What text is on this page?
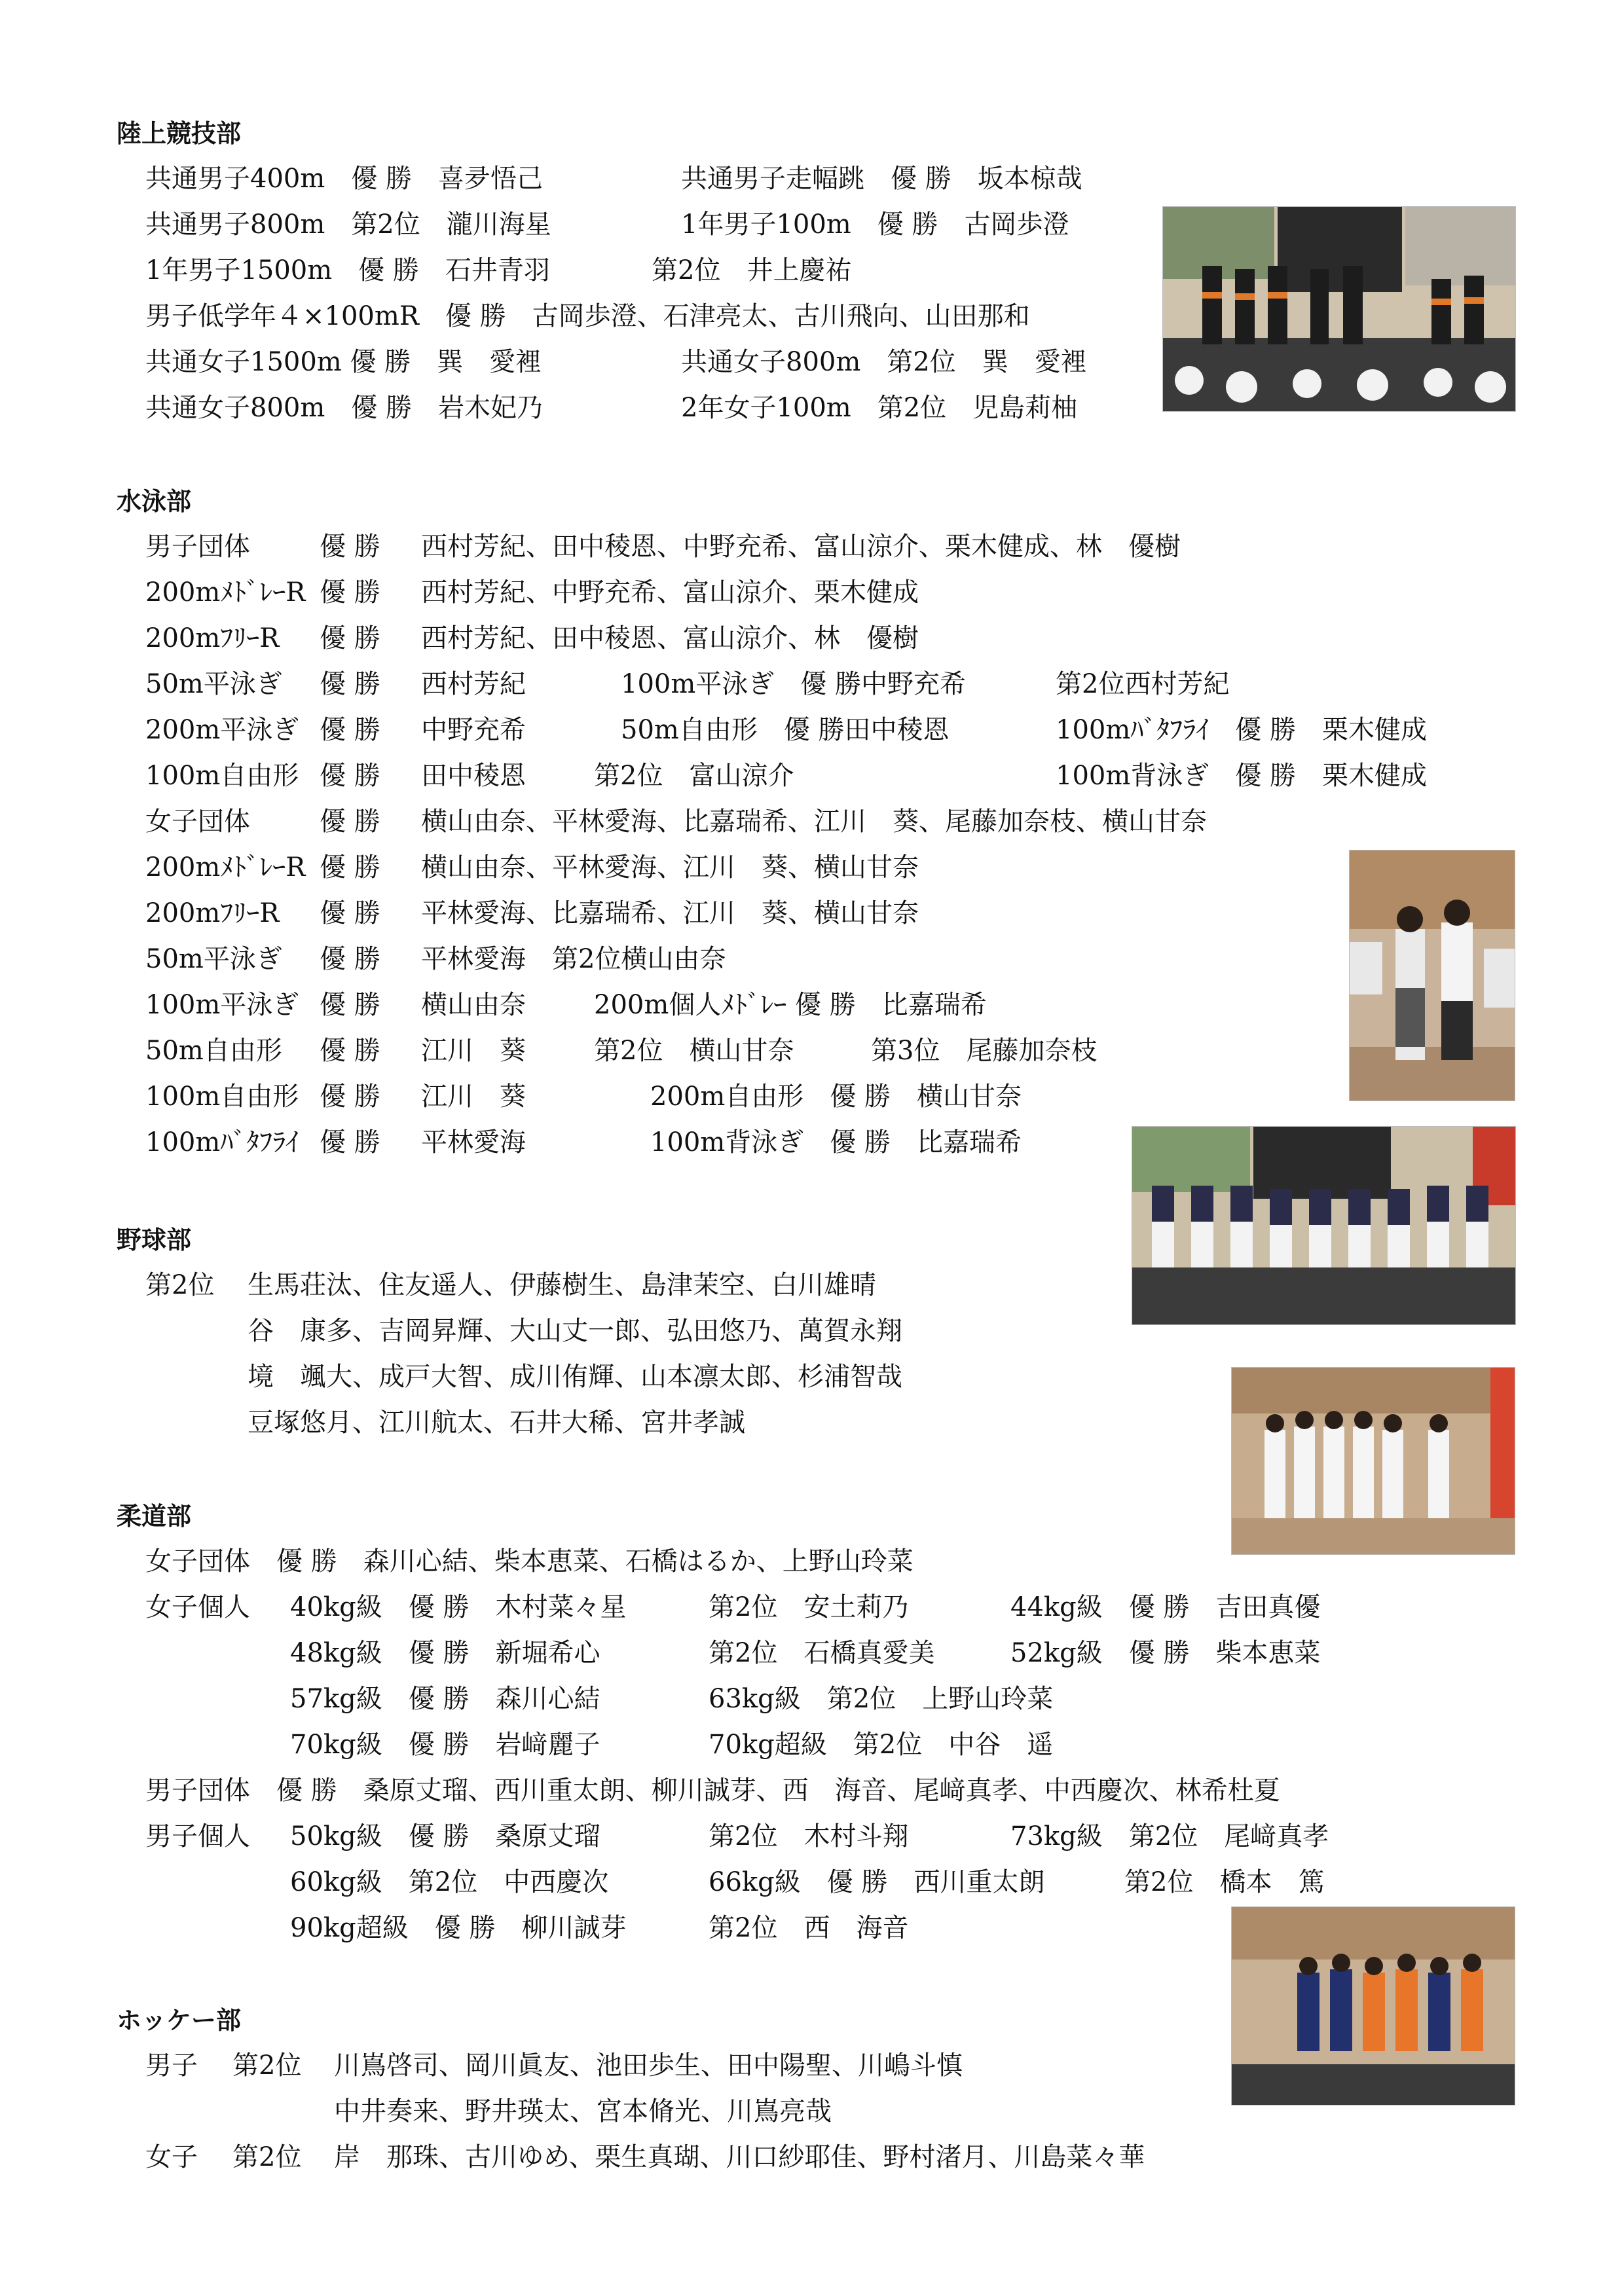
陸上競技部
共通男子400m　優 勝　喜夛悟己	共通男子走幅跳　優 勝　坂本椋哉
共通男子800m　第2位　瀧川海星	1年男子100m　優 勝　古岡歩澄
1年男子1500m　優 勝　石井青羽	第2位　井上慶祐
男子低学年４×100mR　優 勝　古岡歩澄、石津亮太、古川飛向、山田那和
共通女子1500m 優 勝　巽　愛裡	共通女子800m　第2位　巽　愛裡
共通女子800m　優 勝　岩木妃乃	2年女子100m　第2位　児島莉柚
水泳部
男子団体	優 勝 西村芳紀、田中稜恩、中野充希、富山涼介、栗木健成、林　優樹
200mﾒﾄﾞﾚｰR 優 勝 西村芳紀、中野充希、富山涼介、栗木健成
200mﾌﾘｰR 優 勝 西村芳紀、田中稜恩、富山涼介、林　優樹
50m平泳ぎ 優 勝 西村芳紀	100m平泳ぎ　優 勝中野充希	第2位西村芳紀
200m平泳ぎ 優 勝 中野充希	50m自由形　優 勝田中稜恩	100mﾊﾞﾀﾌﾗｲ　優 勝　栗木健成
100m自由形 優 勝 田中稜恩	第2位　富山涼介	100m背泳ぎ　優 勝　栗木健成
女子団体	優 勝 横山由奈、平林愛海、比嘉瑞希、江川　葵、尾藤加奈枝、横山甘奈
200mﾒﾄﾞﾚｰR 優 勝 横山由奈、平林愛海、江川　葵、横山甘奈
200mﾌﾘｰR 優 勝 平林愛海、比嘉瑞希、江川　葵、横山甘奈
50m平泳ぎ 優 勝 平林愛海　第2位横山由奈
100m平泳ぎ 優 勝 横山由奈	200m個人ﾒﾄﾞﾚｰ 優 勝　比嘉瑞希
50m自由形 優 勝 江川　葵	第2位　横山甘奈	第3位　尾藤加奈枝
100m自由形 優 勝 江川　葵	200m自由形　優 勝　横山甘奈
100mﾊﾞﾀﾌﾗｲ 優 勝 平林愛海	100m背泳ぎ　優 勝　比嘉瑞希
野球部
第2位 生馬荘汰、住友遥人、伊藤樹生、島津茉空、白川雄晴
谷　康多、吉岡昇輝、大山丈一郎、弘田悠乃、萬賀永翔
境　颯大、成戸大智、成川侑輝、山本凛太郎、杉浦智哉
豆塚悠月、江川航太、石井大稀、宮井孝誠
柔道部
女子団体　優 勝　森川心結、柴本恵菜、石橋はるか、上野山玲菜
女子個人 40kg級　優 勝　木村菜々星	第2位　安土莉乃	44kg級　優 勝　吉田真優
48kg級　優 勝　新堀希心	第2位　石橋真愛美	52kg級　優 勝　柴本恵菜
57kg級　優 勝　森川心結	63kg級　第2位　上野山玲菜
70kg級　優 勝　岩﨑麗子	70kg超級　第2位　中谷　遥
男子団体　優 勝　桑原丈瑠、西川重太朗、柳川誠芽、西　海音、尾﨑真孝、中西慶次、林希杜夏
男子個人 50kg級　優 勝　桑原丈瑠	第2位　木村斗翔	73kg級　第2位　尾﨑真孝
60kg級　第2位　中西慶次	66kg級　優 勝　西川重太朗	第2位　橋本　篤
90kg超級　優 勝　柳川誠芽	第2位　西　海音
ホッケー部
男子 第2位 川嶌啓司、岡川眞友、池田歩生、田中陽聖、川嶋斗慎
中井奏来、野井瑛太、宮本脩光、川嶌亮哉
女子 第2位 岸　那珠、古川ゆめ、栗生真瑚、川口紗耶佳、野村渚月、川島菜々華
